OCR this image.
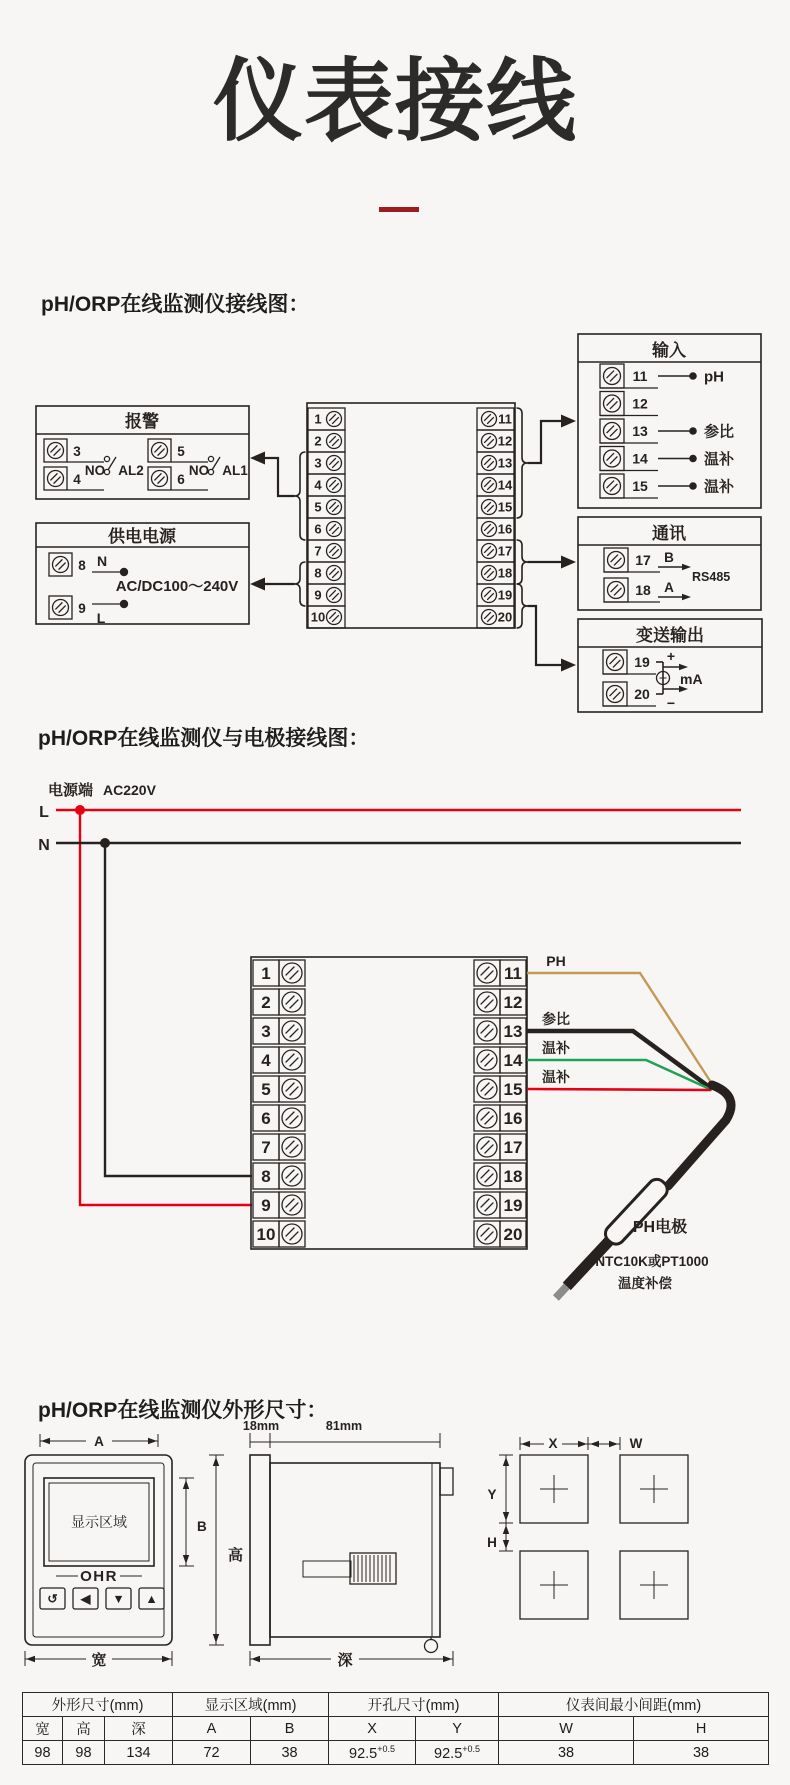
仪表接线
pH/ORP在线监测仪接线图：
pH/ORP在线监测仪与电极接线图：
pH/ORP在线监测仪外形尺寸：
报警
3
4
NO AL2
5
6
NO AL1
供电电源
N
L
AC/DC100～240V
8
9
1
2
3
4
5
6
7
8
9
10
11
12
13
14
15
16
17
18
19
20
输入
11	pH
12
13	参比
14	温补
15	温补
通讯
RS485
17 B
18 A
变送输出
+
−
mA
19
20
电源端 AC220V
L
N
1
2
3
4
5
6
7
8
9
10
11
12
13
14
15
16
17
18
19
20
PH
参比
温补
温补
PH电极
NTC10K或PT1000
温度补偿
显示区域
OHR
↺ ◀ ▼ ▲
A
B
高
宽
18mm	81mm
深
X	W
Y
H
外形尺寸(mm)			显示区域(mm)		开孔尺寸(mm)		仪表间最小间距(mm)	
宽	高	深	A	B	X	Y	W	H
98	98	134	72	38	$92.5^{+0.5}$	$92.5^{+0.5}$	38	38
